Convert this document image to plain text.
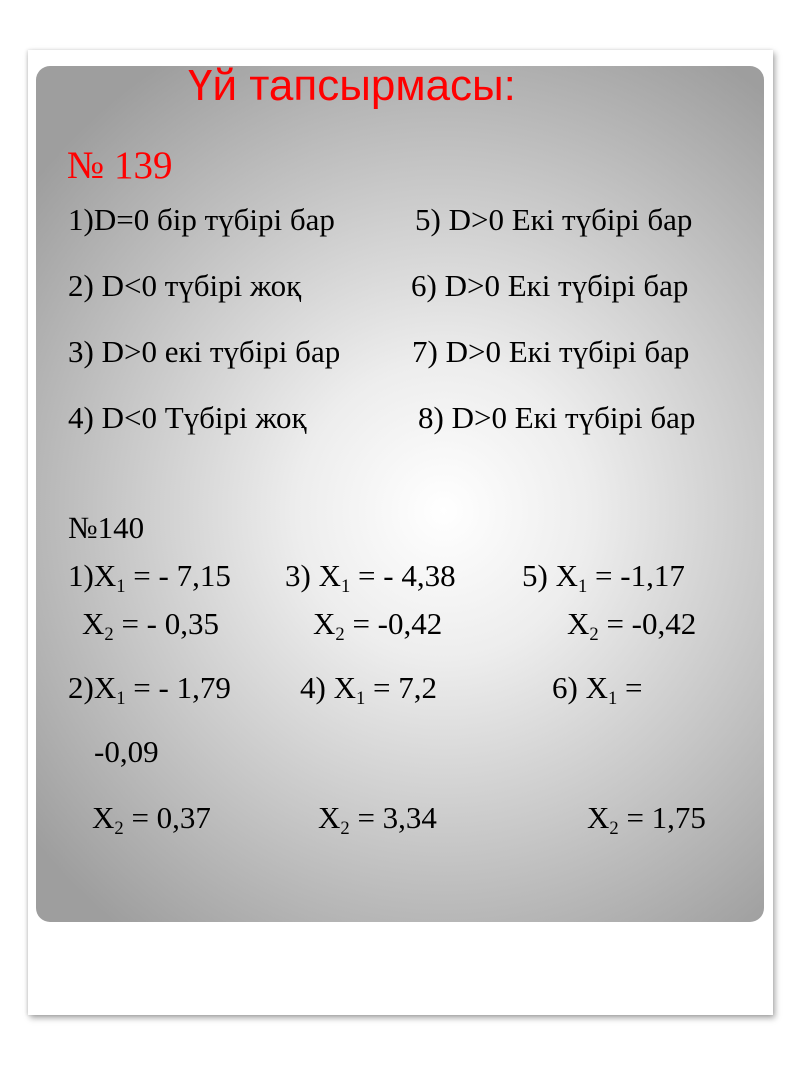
Үй тапсырмасы:
№ 139
1)D=0 бір түбірі бар	5) D>0 Екі түбірі бар
2) D<0 түбірі жоқ	6) D>0 Екі түбірі бар
3) D>0 екі түбірі бар 7) D>0 Екі түбірі бар
4) D<0 Түбірі жоқ	8) D>0 Екі түбірі бар
№140
$1)X_1$ = - 7,15 3) $X_1$ = - 4,38 5) $X_1 = -1,17$
$X_2$ = - 0,35	$X_2 = -0,42$	$X_2 = -0,42$
$2)X_1$ = - 1,79 4) $X_1 = 7,2$	6) $X_1$ =
-0,09
$X_2 = 0,37$	$X_2 = 3,34$	$X_2 = 1,75$
